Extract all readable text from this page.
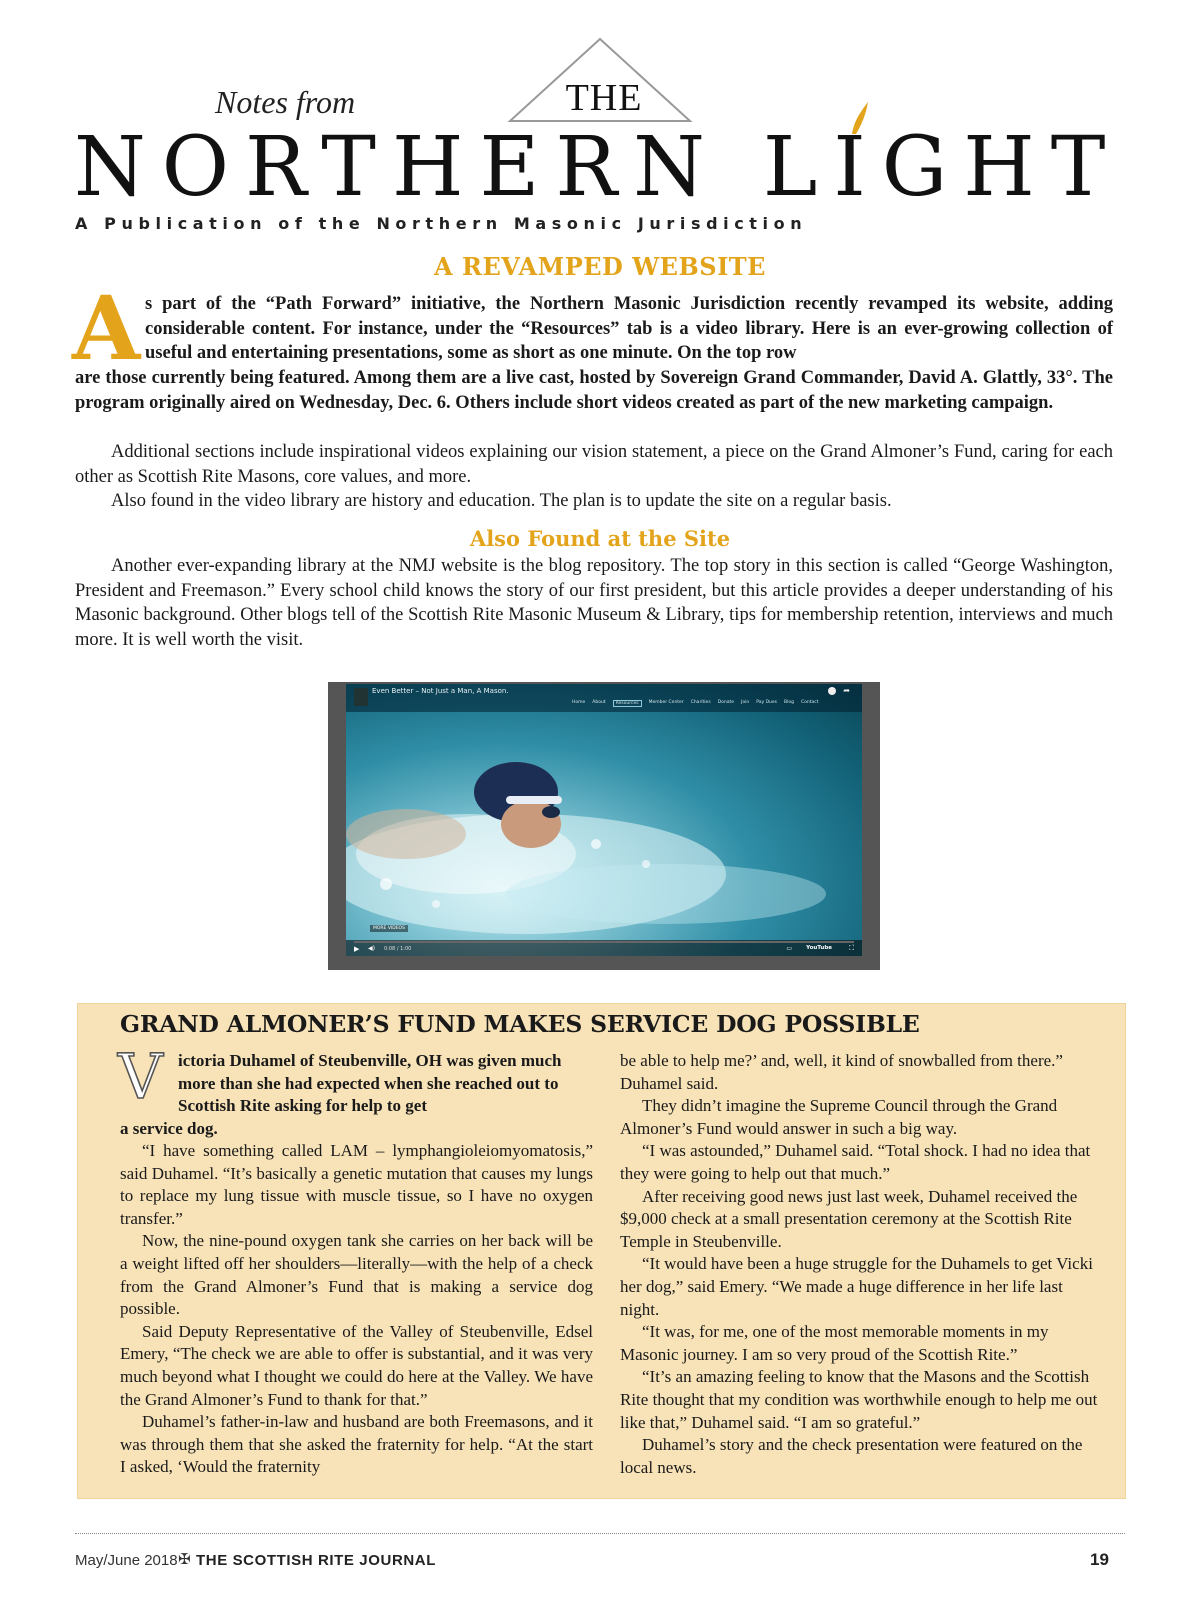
Notes from	THE
NORTHERN LIGHT
A Publication of the Northern Masonic Jurisdiction
A REVAMPED WEBSITE
A s part of the “Path Forward” initiative, the Northern Masonic Jurisdiction recently revamped its website, adding considerable content. For instance, under the “Resources” tab is a video library. Here is an ever-growing collection of useful and entertaining presentations, some as short as one minute. On the top row
are those currently being featured. Among them are a live cast, hosted by Sovereign Grand Commander, David A. Glattly, 33°. The program originally aired on Wednesday, Dec. 6. Others include short videos created as part of the new marketing campaign.
Additional sections include inspirational videos explaining our vision statement, a piece on the Grand Almoner’s Fund, caring for each other as Scottish Rite Masons, core values, and more.
Also found in the video library are history and education. The plan is to update the site on a regular basis.
Also Found at the Site
Another ever-expanding library at the NMJ website is the blog repository. The top story in this section is called “George Washington, President and Freemason.” Every school child knows the story of our first president, but this article provides a deeper understanding of his Masonic background. Other blogs tell of the Scottish Rite Masonic Museum & Library, tips for membership retention, interviews and much more. It is well worth the visit.
Even Better – Not Just a Man, A Mason.
Home About	Resources	Member Center Charities Donate Join Pay Dues Blog Contact
➦
MORE VIDEOS
▶ ◀) 0:08 / 1:00	▭	YouTube ⛶
GRAND ALMONER’S FUND MAKES SERVICE DOG POSSIBLE
V ictoria Duhamel of Steubenville, OH was given much more than she had expected when she reached out to Scottish Rite asking for help to get
a service dog.
“I have something called LAM – lymphangioleiomyomatosis,” said Duhamel. “It’s basically a genetic mutation that causes my lungs to replace my lung tissue with muscle tissue, so I have no oxygen transfer.”
Now, the nine-pound oxygen tank she carries on her back will be a weight lifted off her shoulders—literally—with the help of a check from the Grand Almoner’s Fund that is making a service dog possible.
Said Deputy Representative of the Valley of Steubenville, Edsel Emery, “The check we are able to offer is substantial, and it was very much beyond what I thought we could do here at the Valley. We have the Grand Almoner’s Fund to thank for that.”
Duhamel’s father-in-law and husband are both Freemasons, and it was through them that she asked the fraternity for help. “At the start I asked, ‘Would the fraternity
be able to help me?’ and, well, it kind of snowballed from there.” Duhamel said.
They didn’t imagine the Supreme Council through the Grand Almoner’s Fund would answer in such a big way.
“I was astounded,” Duhamel said. “Total shock. I had no idea that they were going to help out that much.”
After receiving good news just last week, Duhamel received the $9,000 check at a small presentation ceremony at the Scottish Rite Temple in Steubenville.
“It would have been a huge struggle for the Duhamels to get Vicki her dog,” said Emery. “We made a huge difference in her life last night.
“It was, for me, one of the most memorable moments in my Masonic journey. I am so very proud of the Scottish Rite.”
“It’s an amazing feeling to know that the Masons and the Scottish Rite thought that my condition was worthwhile enough to help me out like that,” Duhamel said. “I am so grateful.”
Duhamel’s story and the check presentation were featured on the local news.
May/June 2018 ✠ THE SCOTTISH RITE JOURNAL	19
